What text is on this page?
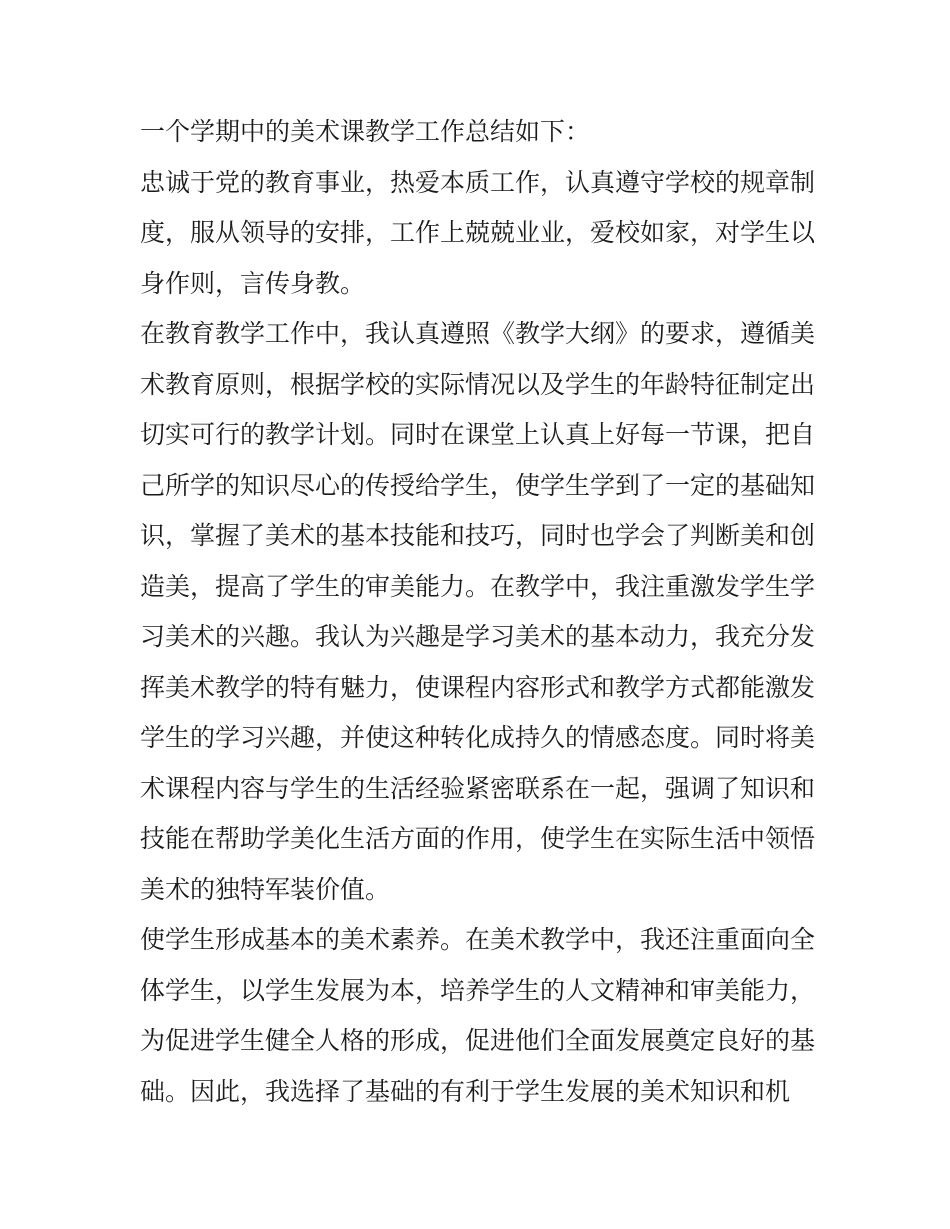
一个学期中的美术课教学工作总结如下：

忠诚于党的教育事业，热爱本质工作，认真遵守学校的规章制
度，服从领导的安排，工作上兢兢业业，爱校如家，对学生以
身作则，言传身教。

在教育教学工作中，我认真遵照《教学大纲》的要求，遵循美
术教育原则，根据学校的实际情况以及学生的年龄特征制定出
切实可行的教学计划。同时在课堂上认真上好每一节课，把自
己所学的知识尽心的传授给学生，使学生学到了一定的基础知
识，掌握了美术的基本技能和技巧，同时也学会了判断美和创
造美，提高了学生的审美能力。在教学中，我注重激发学生学
习美术的兴趣。我认为兴趣是学习美术的基本动力，我充分发
挥美术教学的特有魅力，使课程内容形式和教学方式都能激发
学生的学习兴趣，并使这种转化成持久的情感态度。同时将美
术课程内容与学生的生活经验紧密联系在一起，强调了知识和
技能在帮助学美化生活方面的作用，使学生在实际生活中领悟
美术的独特军装价值。

使学生形成基本的美术素养。在美术教学中，我还注重面向全
体学生，以学生发展为本，培养学生的人文精神和审美能力，
为促进学生健全人格的形成，促进他们全面发展奠定良好的基
础。因此，我选择了基础的有利于学生发展的美术知识和机
